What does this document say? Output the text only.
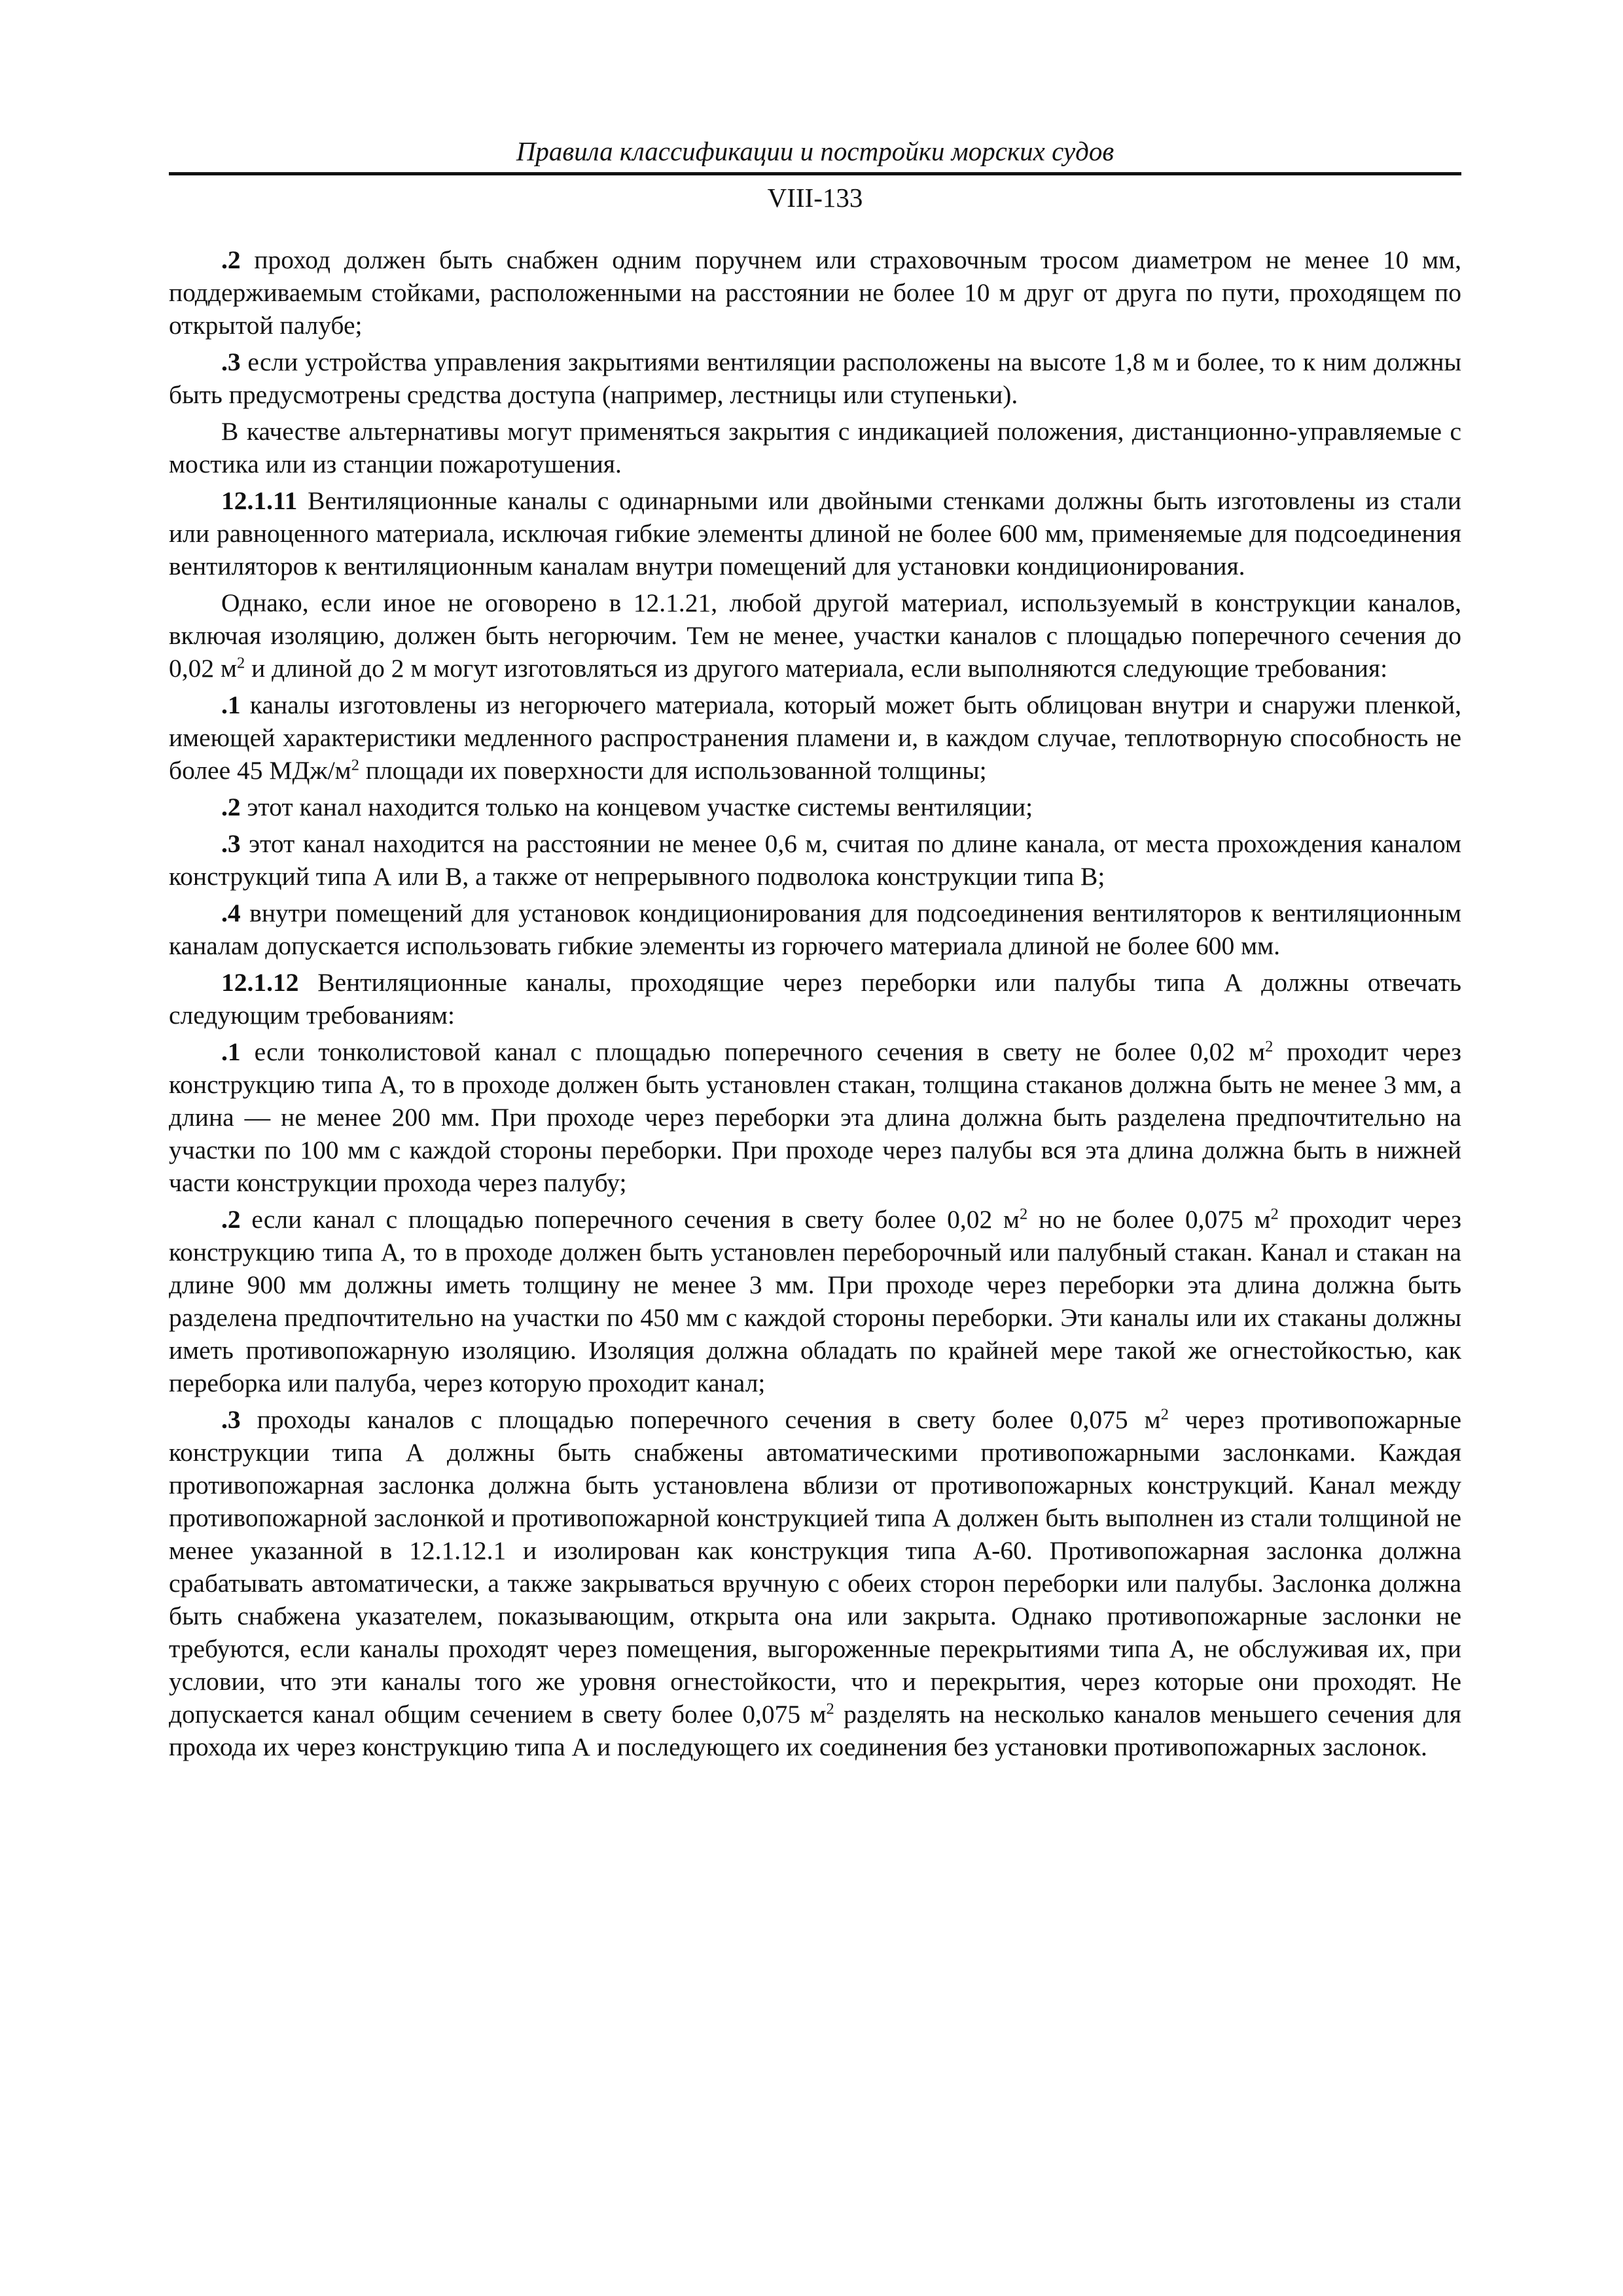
Правила классификации и постройки морских судов
VIII-133

.2 проход должен быть снабжен одним поручнем или страховочным тросом диаметром не менее 10 мм, поддерживаемым стойками, расположенными на расстоянии не более 10 м друг от друга по пути, проходящем по открытой палубе;

.3 если устройства управления закрытиями вентиляции расположены на высоте 1,8 м и более, то к ним должны быть предусмотрены средства доступа (например, лестницы или ступеньки).

В качестве альтернативы могут применяться закрытия с индикацией положения, дистанционно-управляемые с мостика или из станции пожаротушения.

12.1.11 Вентиляционные каналы с одинарными или двойными стенками должны быть изготовлены из стали или равноценного материала, исключая гибкие элементы длиной не более 600 мм, применяемые для подсоединения вентиляторов к вентиляционным каналам внутри помещений для установки кондиционирования.

Однако, если иное не оговорено в 12.1.21, любой другой материал, используемый в конструкции каналов, включая изоляцию, должен быть негорючим. Тем не менее, участки каналов с площадью поперечного сечения до 0,02 $м^2$ и длиной до 2 м могут изготовляться из другого материала, если выполняются следующие требования:

.1 каналы изготовлены из негорючего материала, который может быть облицован внутри и снаружи пленкой, имеющей характеристики медленного распространения пламени и, в каждом случае, теплотворную способность не более 45 МДж/$м^2$ площади их поверхности для использованной толщины;

.2 этот канал находится только на концевом участке системы вентиляции;

.3 этот канал находится на расстоянии не менее 0,6 м, считая по длине канала, от места прохождения каналом конструкций типа А или В, а также от непрерывного подволока конструкции типа В;

.4 внутри помещений для установок кондиционирования для подсоединения вентиляторов к вентиляционным каналам допускается использовать гибкие элементы из горючего материала длиной не более 600 мм.

12.1.12 Вентиляционные каналы, проходящие через переборки или палубы типа А должны отвечать следующим требованиям:

.1 если тонколистовой канал с площадью поперечного сечения в свету не более 0,02 $м^2$ проходит через конструкцию типа А, то в проходе должен быть установлен стакан, толщина стаканов должна быть не менее 3 мм, а длина — не менее 200 мм. При проходе через переборки эта длина должна быть разделена предпочтительно на участки по 100 мм с каждой стороны переборки. При проходе через палубы вся эта длина должна быть в нижней части конструкции прохода через палубу;

.2 если канал с площадью поперечного сечения в свету более 0,02 $м^2$ но не более 0,075 $м^2$ проходит через конструкцию типа А, то в проходе должен быть установлен переборочный или палубный стакан. Канал и стакан на длине 900 мм должны иметь толщину не менее 3 мм. При проходе через переборки эта длина должна быть разделена предпочтительно на участки по 450 мм с каждой стороны переборки. Эти каналы или их стаканы должны иметь противопожарную изоляцию. Изоляция должна обладать по крайней мере такой же огнестойкостью, как переборка или палуба, через которую проходит канал;

.3 проходы каналов с площадью поперечного сечения в свету более 0,075 $м^2$ через противопожарные конструкции типа А должны быть снабжены автоматическими противопожарными заслонками. Каждая противопожарная заслонка должна быть установлена вблизи от противопожарных конструкций. Канал между противопожарной заслонкой и противопожарной конструкцией типа А должен быть выполнен из стали толщиной не менее указанной в 12.1.12.1 и изолирован как конструкция типа А-60. Противопожарная заслонка должна срабатывать автоматически, а также закрываться вручную с обеих сторон переборки или палубы. Заслонка должна быть снабжена указателем, показывающим, открыта она или закрыта. Однако противопожарные заслонки не требуются, если каналы проходят через помещения, выгороженные перекрытиями типа А, не обслуживая их, при условии, что эти каналы того же уровня огнестойкости, что и перекрытия, через которые они проходят. Не допускается канал общим сечением в свету более 0,075 $м^2$ разделять на несколько каналов меньшего сечения для прохода их через конструкцию типа А и последующего их соединения без установки противопожарных заслонок.
